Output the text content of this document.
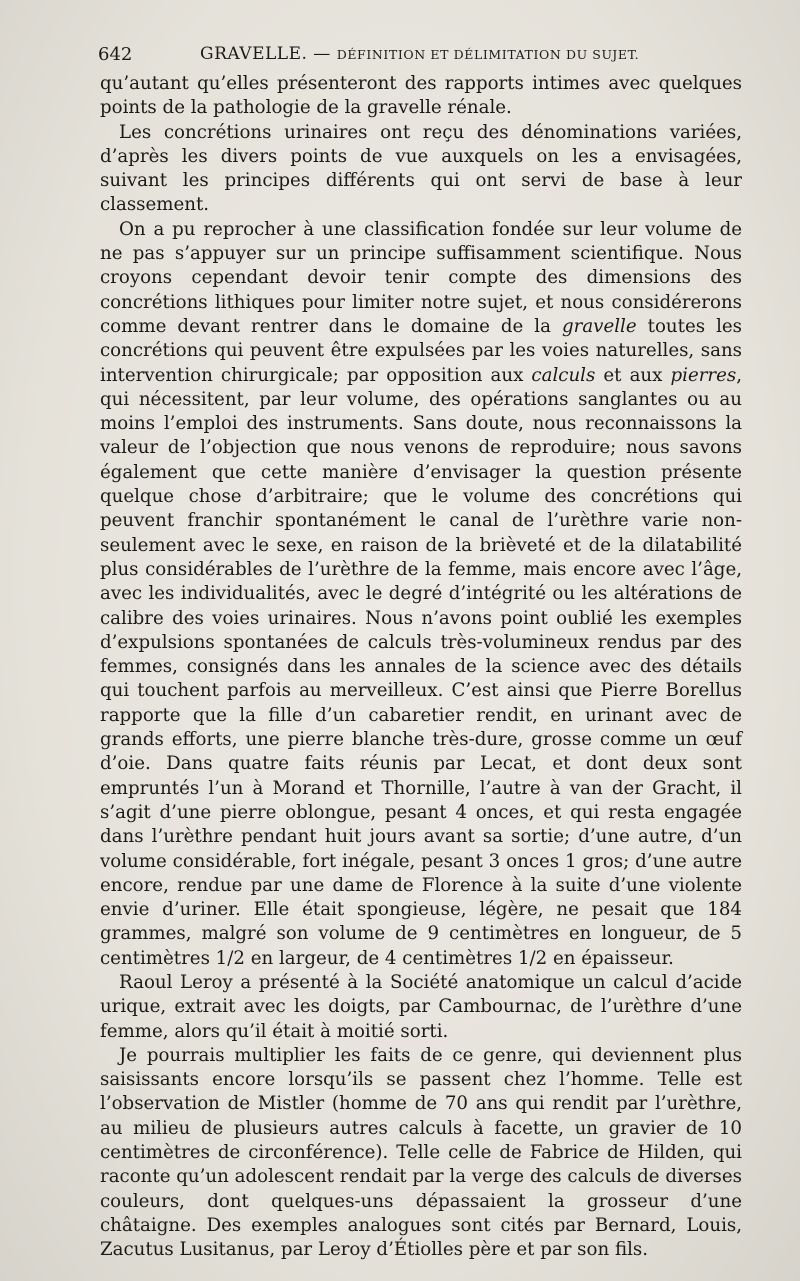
642	GRAVELLE. — DÉFINITION ET DÉLIMITATION DU SUJET.

qu’autant qu’elles présenteront des rapports intimes avec quelques points de la pathologie de la gravelle rénale.

Les concrétions urinaires ont reçu des dénominations variées, d’après les divers points de vue auxquels on les a envisagées, suivant les principes différents qui ont servi de base à leur classement.

On a pu reprocher à une classification fondée sur leur volume de ne pas s’appuyer sur un principe suffisamment scientifique. Nous croyons cependant devoir tenir compte des dimensions des concrétions lithiques pour limiter notre sujet, et nous considérerons comme devant rentrer dans le domaine de la gravelle toutes les concrétions qui peuvent être expulsées par les voies naturelles, sans intervention chirurgicale; par opposition aux calculs et aux pierres, qui nécessitent, par leur volume, des opérations sanglantes ou au moins l’emploi des instruments. Sans doute, nous reconnaissons la valeur de l’objection que nous venons de reproduire; nous savons également que cette manière d’envisager la question présente quelque chose d’arbitraire; que le volume des concrétions qui peuvent franchir spontanément le canal de l’urèthre varie non-seulement avec le sexe, en raison de la brièveté et de la dilatabilité plus considérables de l’urèthre de la femme, mais encore avec l’âge, avec les individualités, avec le degré d’intégrité ou les altérations de calibre des voies urinaires. Nous n’avons point oublié les exemples d’expulsions spontanées de calculs très-volumineux rendus par des femmes, consignés dans les annales de la science avec des détails qui touchent parfois au merveilleux. C’est ainsi que Pierre Borellus rapporte que la fille d’un cabaretier rendit, en urinant avec de grands efforts, une pierre blanche très-dure, grosse comme un œuf d’oie. Dans quatre faits réunis par Lecat, et dont deux sont empruntés l’un à Morand et Thornille, l’autre à van der Gracht, il s’agit d’une pierre oblongue, pesant 4 onces, et qui resta engagée dans l’urèthre pendant huit jours avant sa sortie; d’une autre, d’un volume considérable, fort inégale, pesant 3 onces 1 gros; d’une autre encore, rendue par une dame de Florence à la suite d’une violente envie d’uriner. Elle était spongieuse, légère, ne pesait que 184 grammes, malgré son volume de 9 centimètres en longueur, de 5 centimètres 1/2 en largeur, de 4 centimètres 1/2 en épaisseur.

Raoul Leroy a présenté à la Société anatomique un calcul d’acide urique, extrait avec les doigts, par Cambournac, de l’urèthre d’une femme, alors qu’il était à moitié sorti.

Je pourrais multiplier les faits de ce genre, qui deviennent plus saisissants encore lorsqu’ils se passent chez l’homme. Telle est l’observation de Mistler (homme de 70 ans qui rendit par l’urèthre, au milieu de plusieurs autres calculs à facette, un gravier de 10 centimètres de circonférence). Telle celle de Fabrice de Hilden, qui raconte qu’un adolescent rendait par la verge des calculs de diverses couleurs, dont quelques-uns dépassaient la grosseur d’une châtaigne. Des exemples analogues sont cités par Bernard, Louis, Zacutus Lusitanus, par Leroy d’Étiolles père et par son fils.
